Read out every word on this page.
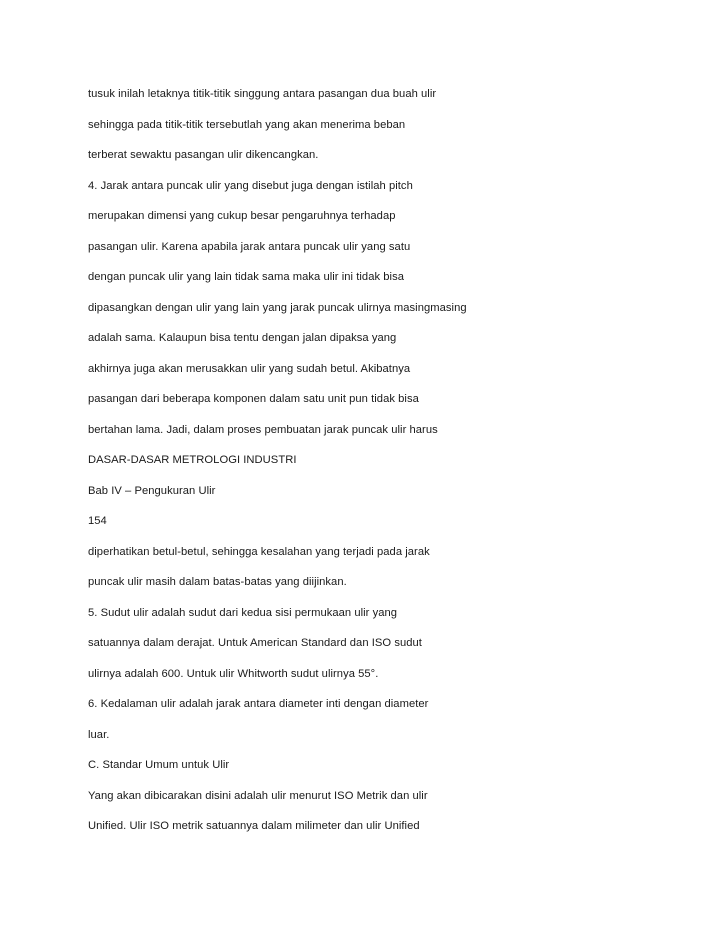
tusuk inilah letaknya titik-titik singgung antara pasangan dua buah ulir
sehingga pada titik-titik tersebutlah yang akan menerima beban
terberat sewaktu pasangan ulir dikencangkan.
4. Jarak antara puncak ulir yang disebut juga dengan istilah pitch
merupakan dimensi yang cukup besar pengaruhnya terhadap
pasangan ulir. Karena apabila jarak antara puncak ulir yang satu
dengan puncak ulir yang lain tidak sama maka ulir ini tidak bisa
dipasangkan dengan ulir yang lain yang jarak puncak ulirnya masingmasing
adalah sama. Kalaupun bisa tentu dengan jalan dipaksa yang
akhirnya juga akan merusakkan ulir yang sudah betul. Akibatnya
pasangan dari beberapa komponen dalam satu unit pun tidak bisa
bertahan lama. Jadi, dalam proses pembuatan jarak puncak ulir harus
DASAR-DASAR METROLOGI INDUSTRI
Bab IV – Pengukuran Ulir
154
diperhatikan betul-betul, sehingga kesalahan yang terjadi pada jarak
puncak ulir masih dalam batas-batas yang diijinkan.
5. Sudut ulir adalah sudut dari kedua sisi permukaan ulir yang
satuannya dalam derajat. Untuk American Standard dan ISO sudut
ulirnya adalah 600. Untuk ulir Whitworth sudut ulirnya 55°.
6. Kedalaman ulir adalah jarak antara diameter inti dengan diameter
luar.
C. Standar Umum untuk Ulir
Yang akan dibicarakan disini adalah ulir menurut ISO Metrik dan ulir
Unified. Ulir ISO metrik satuannya dalam milimeter dan ulir Unified
